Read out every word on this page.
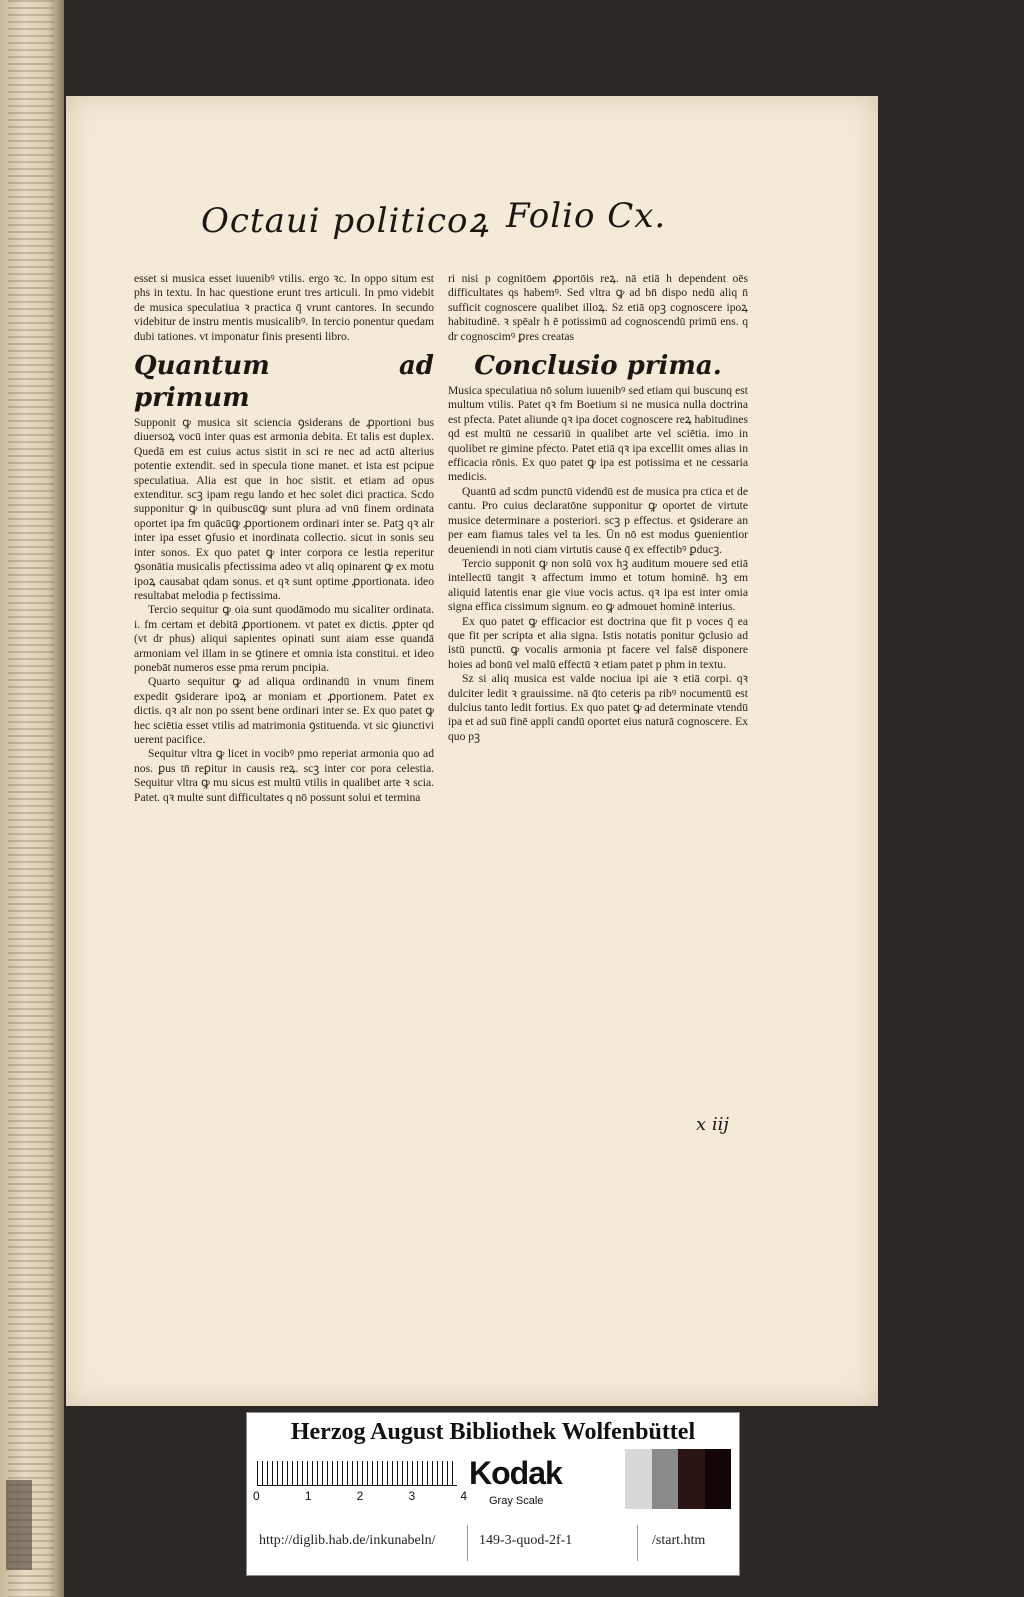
Octaui politicoꝝ Folio Cx.

esset si musica esset iuuenibꝰ vtilis. ergo ꝛc. In oppo situm est phs in textu. In hac questione erunt tres articuli. In pmo videbit de musica speculatiua ꝛ practica q̄ vrunt cantores. In secundo videbitur de instru mentis musicalibꝰ. In tercio ponentur quedam dubi tationes. vt imponatur finis presenti libro.

Quantum ad primum

Supponit ꝙ musica sit sciencia ꝯsiderans de ꝓportioni bus diuersoꝝ vocū inter quas est armonia debita. Et talis est duplex. Quedā em est cuius actus sistit in sci re nec ad actū alterius potentie extendit. sed in specula tione manet. et ista est pcipue speculatiua. Alia est que in hoc sistit. et etiam ad opus extenditur. scꝫ ipam regu lando et hec solet dici practica. Scdo supponitur ꝙ in quibuscūꝙ sunt plura ad vnū finem ordinata oportet ipa fm quācūꝙ ꝓportionem ordinari inter se. Patꝫ qꝛ alr inter ipa esset ꝯfusio et inordinata collectio. sicut in sonis seu inter sonos. Ex quo patet ꝙ inter corpora ce lestia reperitur ꝯsonātia musicalis pfectissima adeo vt aliq opinarent ꝙ ex motu ipoꝝ causabat qdam sonus. et qꝛ sunt optime ꝓportionata. ideo resultabat melodia p fectissima.

Tercio sequitur ꝙ oia sunt quodāmodo mu sicaliter ordinata. i. fm certam et debitā ꝓportionem. vt patet ex dictis. ꝓpter qd (vt dr phus) aliqui sapientes opinati sunt aiam esse quandā armoniam vel illam in se ꝯtinere et omnia ista constitui. et ideo ponebāt numeros esse pma rerum pncipia.

Quarto sequitur ꝙ ad aliqua ordinandū in vnum finem expedit ꝯsiderare ipoꝝ ar moniam et ꝓportionem. Patet ex dictis. qꝛ alr non po ssent bene ordinari inter se. Ex quo patet ꝙ hec sciētia esset vtilis ad matrimonia ꝯstituenda. vt sic ꝯiunctivi uerent pacifice.

Sequitur vltra ꝙ licet in vocibꝰ pmo reperiat armonia quo ad nos. ꝑus tn̄ reꝑitur in causis reꝝ. scꝫ inter cor pora celestia. Sequitur vltra ꝙ mu sicus est multū vtilis in qualibet arte ꝛ scia. Patet. qꝛ multe sunt difficultates q nō possunt solui et termina

ri nisi p cognitōem ꝓportōis reꝝ. nā etiā h dependent oēs difficultates qs habemꝰ. Sed vltra ꝙ ad bn̄ dispo nedū aliq n̄ sufficit cognoscere qualibet illoꝝ. Sz etiā opꝫ cognoscere ipoꝝ habitudinē. ꝛ spēalr h ē potissimū ad cognoscendū primū ens. q dr cognoscimꝰ ꝑres creatas

Conclusio prima.

Musica speculatiua nō solum iuuenibꝰ sed etiam qui buscunq est multum vtilis. Patet qꝛ fm Boetium si ne musica nulla doctrina est pfecta. Patet aliunde qꝛ ipa docet cognoscere reꝝ habitudines qd est multū ne cessariū in qualibet arte vel sciētia. imo in quolibet re gimine pfecto. Patet etiā qꝛ ipa excellit omes alias in efficacia rōnis. Ex quo patet ꝙ ipa est potissima et ne cessaria medicis.

Quantū ad scdm punctū videndū est de musica pra ctica et de cantu. Pro cuius declaratōne supponitur ꝙ oportet de virtute musice determinare a posteriori. scꝫ p effectus. et ꝯsiderare an per eam fiamus tales vel ta les. Ūn nō est modus ꝯuenientior deueniendi in noti ciam virtutis cause q̄ ex effectibꝰ ꝑducꝫ.

Tercio supponit ꝙ non solū vox hꝫ auditum mouere sed etiā intellectū tangit ꝛ affectum immo et totum hominē. hꝫ em aliquid latentis enar gie viue vocis actus. qꝛ ipa est inter omia signa effica cissimum signum. eo ꝙ admouet hominē interius.

Ex quo patet ꝙ efficacior est doctrina que fit p voces q̄ ea que fit per scripta et alia signa. Istis notatis ponitur ꝯclusio ad istū punctū. ꝙ vocalis armonia pt facere vel falsē disponere hoies ad bonū vel malū effectū ꝛ etiam patet p phm in textu.

Sz si aliq musica est valde nociua ipi aie ꝛ etiā corpi. qꝛ dulciter ledit ꝛ grauissime. nā q̄to ceteris pa ribꝰ nocumentū est dulcius tanto ledit fortius. Ex quo patet ꝙ ad determinate vtendū ipa et ad suū finē appli candū oportet eius naturā cognoscere. Ex quo pꝫ

x iij
Herzog August Bibliothek Wolfenbüttel
0	1	2	3	4
Kodak
Gray Scale
http://diglib.hab.de/inkunabeln/	149-3-quod-2f-1	/start.htm
